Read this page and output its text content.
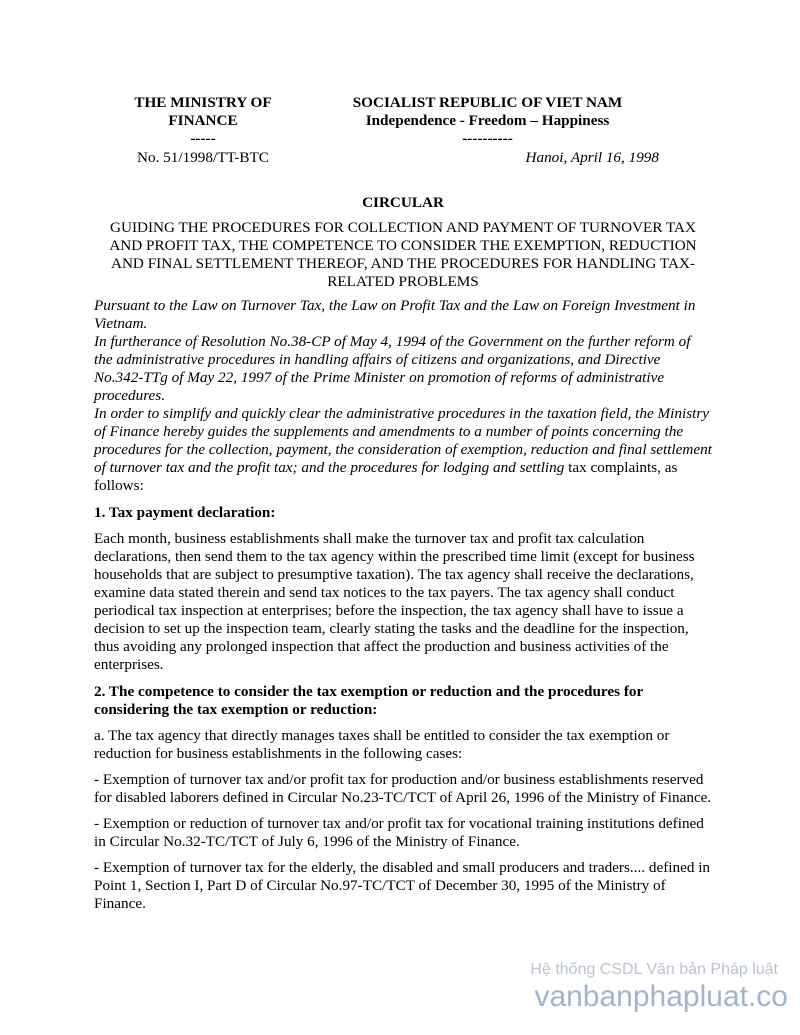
THE MINISTRY OF
FINANCE
-----
SOCIALIST REPUBLIC OF VIET NAM
Independence - Freedom – Happiness
----------
No. 51/1998/TT-BTC	Hanoi, April 16, 1998
CIRCULAR
GUIDING THE PROCEDURES FOR COLLECTION AND PAYMENT OF TURNOVER TAX AND PROFIT TAX, THE COMPETENCE TO CONSIDER THE EXEMPTION, REDUCTION AND FINAL SETTLEMENT THEREOF, AND THE PROCEDURES FOR HANDLING TAX-RELATED PROBLEMS
Pursuant to the Law on Turnover Tax, the Law on Profit Tax and the Law on Foreign Investment in Vietnam.
In furtherance of Resolution No.38-CP of May 4, 1994 of the Government on the further reform of the administrative procedures in handling affairs of citizens and organizations, and Directive No.342-TTg of May 22, 1997 of the Prime Minister on promotion of reforms of administrative procedures.
In order to simplify and quickly clear the administrative procedures in the taxation field, the Ministry of Finance hereby guides the supplements and amendments to a number of points concerning the procedures for the collection, payment, the consideration of exemption, reduction and final settlement of turnover tax and the profit tax; and the procedures for lodging and settling tax complaints, as follows:
1. Tax payment declaration:
Each month, business establishments shall make the turnover tax and profit tax calculation declarations, then send them to the tax agency within the prescribed time limit (except for business households that are subject to presumptive taxation). The tax agency shall receive the declarations, examine data stated therein and send tax notices to the tax payers. The tax agency shall conduct periodical tax inspection at enterprises; before the inspection, the tax agency shall have to issue a decision to set up the inspection team, clearly stating the tasks and the deadline for the inspection, thus avoiding any prolonged inspection that affect the production and business activities of the enterprises.
2. The competence to consider the tax exemption or reduction and the procedures for considering the tax exemption or reduction:
a. The tax agency that directly manages taxes shall be entitled to consider the tax exemption or reduction for business establishments in the following cases:
- Exemption of turnover tax and/or profit tax for production and/or business establishments reserved for disabled laborers defined in Circular No.23-TC/TCT of April 26, 1996 of the Ministry of Finance.
- Exemption or reduction of turnover tax and/or profit tax for vocational training institutions defined in Circular No.32-TC/TCT of July 6, 1996 of the Ministry of Finance.
- Exemption of turnover tax for the elderly, the disabled and small producers and traders.... defined in Point 1, Section I, Part D of Circular No.97-TC/TCT of December 30, 1995 of the Ministry of Finance.
Hệ thống CSDL Văn bản Pháp luật
vanbanphapluat.co
